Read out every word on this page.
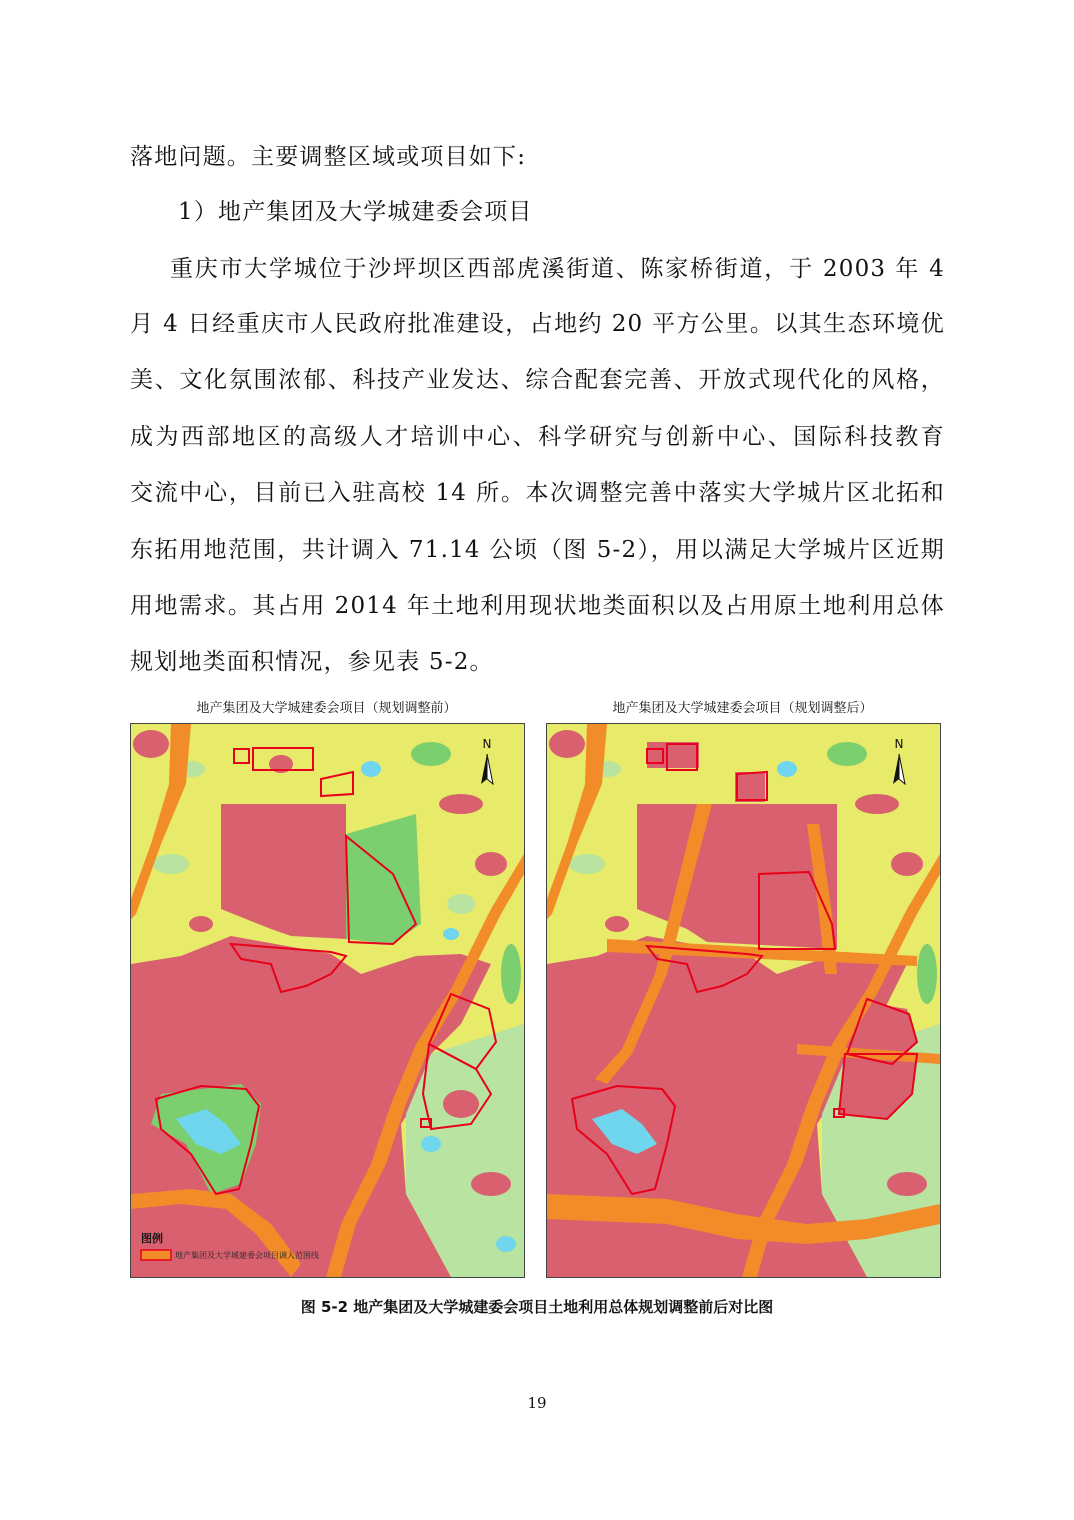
落地问题。主要调整区域或项目如下:
1）地产集团及大学城建委会项目
重庆市大学城位于沙坪坝区西部虎溪街道、陈家桥街道，于 2003 年 4
月 4 日经重庆市人民政府批准建设，占地约 20 平方公里。以其生态环境优
美、文化氛围浓郁、科技产业发达、综合配套完善、开放式现代化的风格，
成为西部地区的高级人才培训中心、科学研究与创新中心、国际科技教育
交流中心，目前已入驻高校 14 所。本次调整完善中落实大学城片区北拓和
东拓用地范围，共计调入 71.14 公顷（图 5-2），用以满足大学城片区近期
用地需求。其占用 2014 年土地利用现状地类面积以及占用原土地利用总体
规划地类面积情况，参见表 5-2。
地产集团及大学城建委会项目（规划调整前）
N
图例
地产集团及大学城建委会项目调入范围线
地产集团及大学城建委会项目（规划调整后）
N
图 5-2 地产集团及大学城建委会项目土地利用总体规划调整前后对比图
19
